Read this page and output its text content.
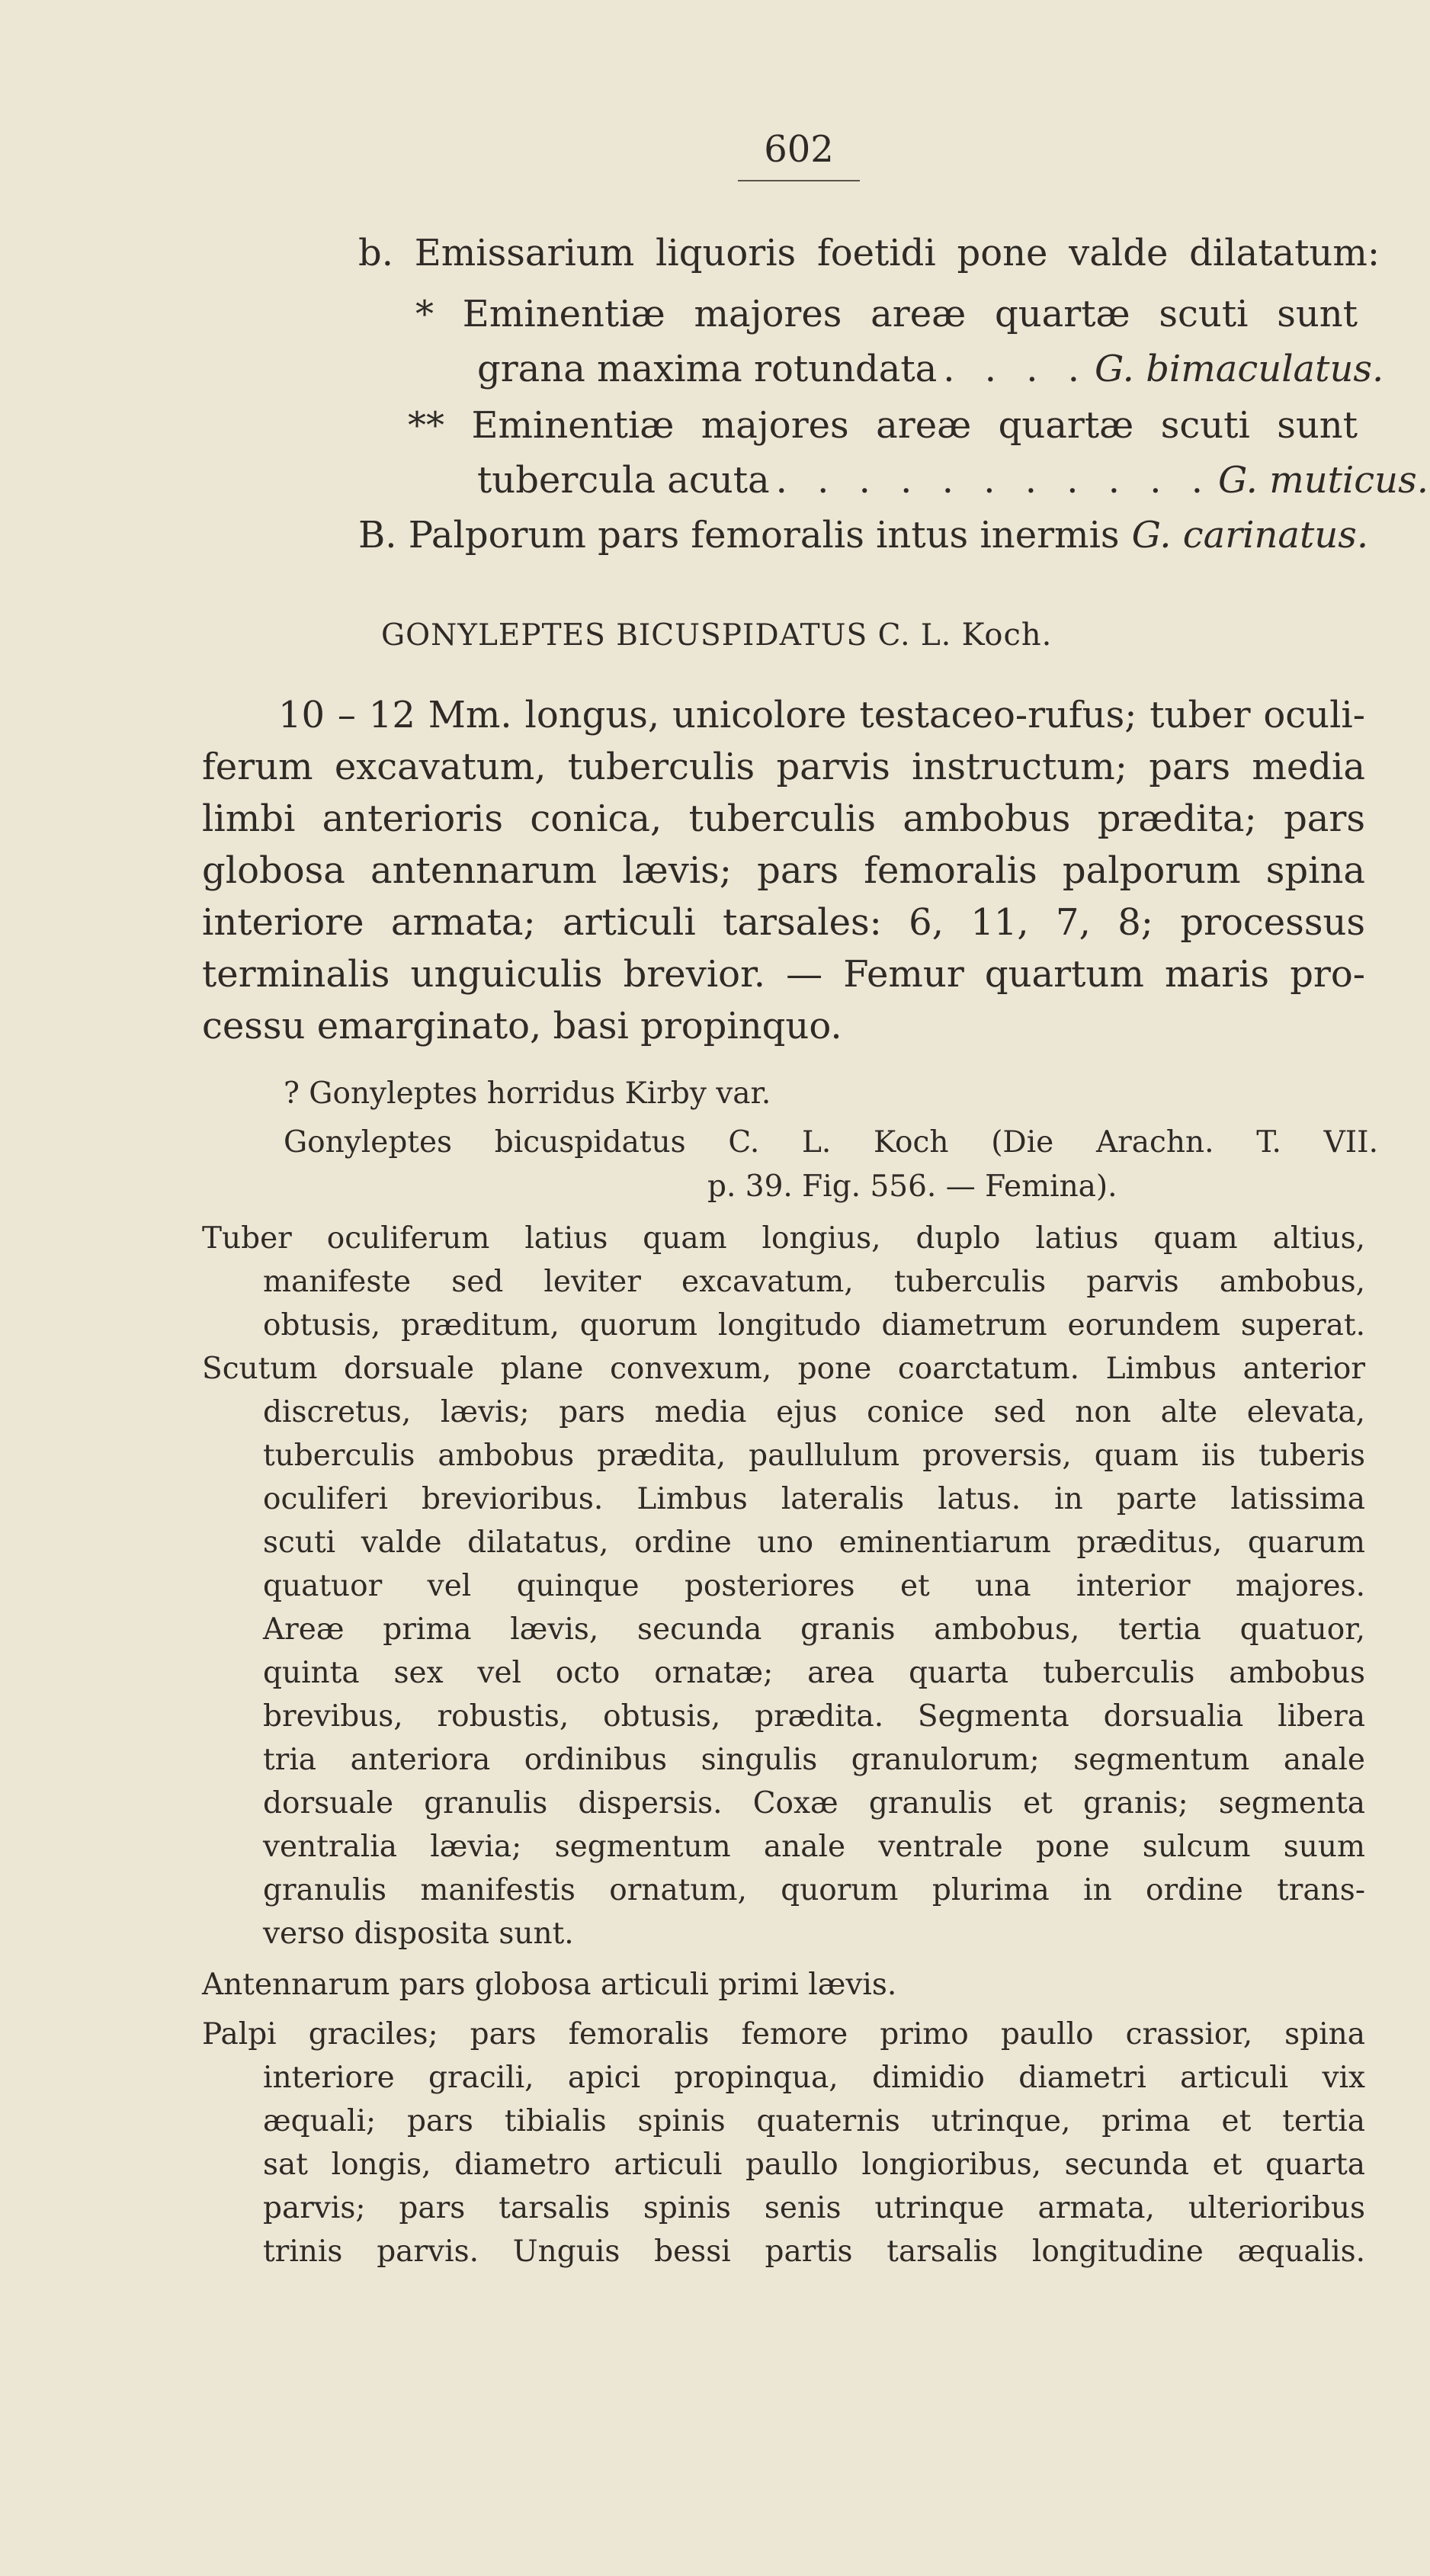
602
b. Emissarium liquoris foetidi pone valde dilatatum:
* Eminentiæ majores areæ quartæ scuti sunt
grana maxima rotundata . . . . G. bimaculatus.
** Eminentiæ majores areæ quartæ scuti sunt
tubercula acuta . . . . . . . . . . . G. muticus.
B. Palporum pars femoralis intus inermis G. carinatus.
GONYLEPTES BICUSPIDATUS C. L. Koch.
10 – 12 Mm. longus, unicolore testaceo-rufus; tuber oculi-
ferum excavatum, tuberculis parvis instructum; pars media
limbi anterioris conica, tuberculis ambobus prædita; pars
globosa antennarum lævis; pars femoralis palporum spina
interiore armata; articuli tarsales: 6, 11, 7, 8; processus
terminalis unguiculis brevior. — Femur quartum maris pro-
cessu emarginato, basi propinquo.
? Gonyleptes horridus Kirby var.
Gonyleptes bicuspidatus C. L. Koch (Die Arachn. T. VII.
p. 39. Fig. 556. — Femina).
Tuber oculiferum latius quam longius, duplo latius quam altius,
manifeste sed leviter excavatum, tuberculis parvis ambobus,
obtusis, præditum, quorum longitudo diametrum eorundem superat.
Scutum dorsuale plane convexum, pone coarctatum. Limbus anterior
discretus, lævis; pars media ejus conice sed non alte elevata,
tuberculis ambobus prædita, paullulum proversis, quam iis tuberis
oculiferi brevioribus. Limbus lateralis latus. in parte latissima
scuti valde dilatatus, ordine uno eminentiarum præditus, quarum
quatuor vel quinque posteriores et una interior majores.
Areæ prima lævis, secunda granis ambobus, tertia quatuor,
quinta sex vel octo ornatæ; area quarta tuberculis ambobus
brevibus, robustis, obtusis, prædita. Segmenta dorsualia libera
tria anteriora ordinibus singulis granulorum; segmentum anale
dorsuale granulis dispersis. Coxæ granulis et granis; segmenta
ventralia lævia; segmentum anale ventrale pone sulcum suum
granulis manifestis ornatum, quorum plurima in ordine trans-
verso disposita sunt.
Antennarum pars globosa articuli primi lævis.
Palpi graciles; pars femoralis femore primo paullo crassior, spina
interiore gracili, apici propinqua, dimidio diametri articuli vix
æquali; pars tibialis spinis quaternis utrinque, prima et tertia
sat longis, diametro articuli paullo longioribus, secunda et quarta
parvis; pars tarsalis spinis senis utrinque armata, ulterioribus
trinis parvis. Unguis bessi partis tarsalis longitudine æqualis.
